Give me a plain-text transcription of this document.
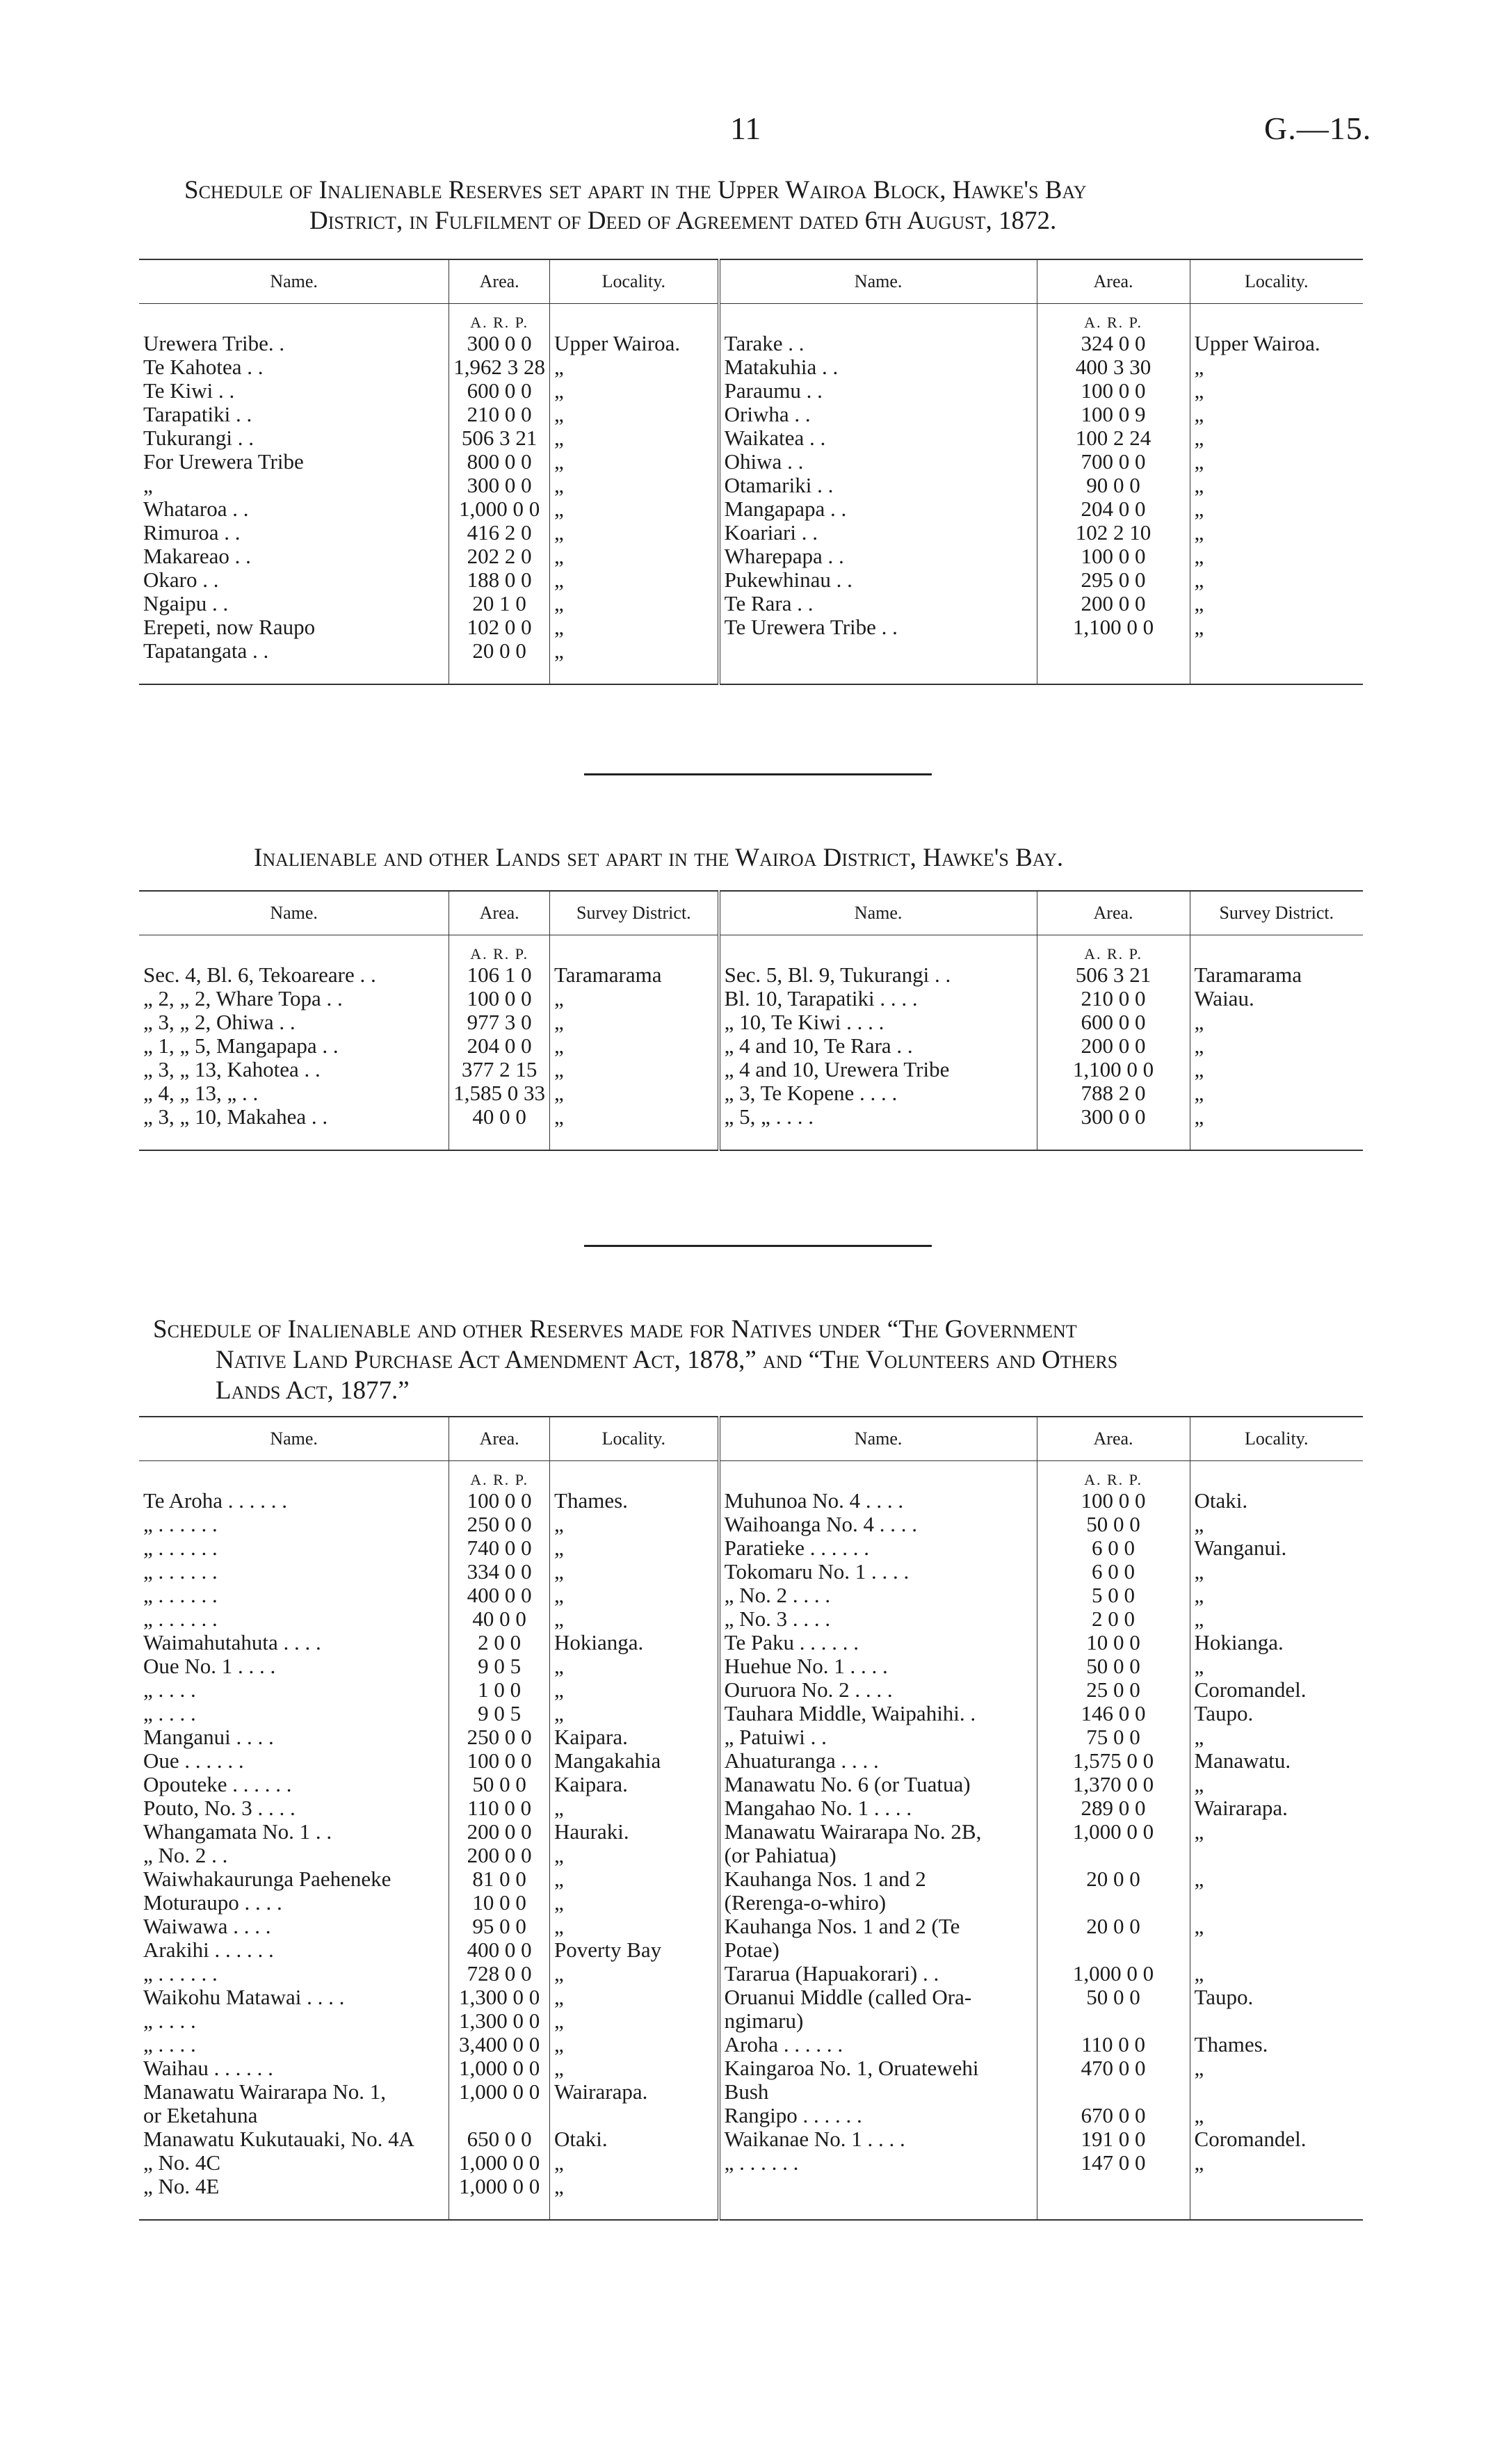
11	G.—15.
Schedule of Inalienable Reserves set apart in the Upper Wairoa Block, Hawke's Bay
District, in Fulfilment of Deed of Agreement dated 6th August, 1872.
Name.	Area.	Locality.	Name.	Area.	Locality.
	A. R. P.			A. R. P.	
Urewera Tribe. .	300 0 0	Upper Wairoa.	Tarake . .	324 0 0	Upper Wairoa.
Te Kahotea . .	1,962 3 28	„	Matakuhia . .	400 3 30	„
Te Kiwi . .	600 0 0	„	Paraumu . .	100 0 0	„
Tarapatiki . .	210 0 0	„	Oriwha . .	100 0 9	„
Tukurangi . .	506 3 21	„	Waikatea . .	100 2 24	„
For Urewera Tribe	800 0 0	„	Ohiwa . .	700 0 0	„
„	300 0 0	„	Otamariki . .	90 0 0	„
Whataroa . .	1,000 0 0	„	Mangapapa . .	204 0 0	„
Rimuroa . .	416 2 0	„	Koariari . .	102 2 10	„
Makareao . .	202 2 0	„	Wharepapa . .	100 0 0	„
Okaro . .	188 0 0	„	Pukewhinau . .	295 0 0	„
Ngaipu . .	20 1 0	„	Te Rara . .	200 0 0	„
Erepeti, now Raupo	102 0 0	„	Te Urewera Tribe . .	1,100 0 0	„
Tapatangata . .	20 0 0	„			

Inalienable and other Lands set apart in the Wairoa District, Hawke's Bay.
Name.	Area.	Survey District.	Name.	Area.	Survey District.
	A. R. P.			A. R. P.	
Sec. 4, Bl. 6, Tekoareare . .	106 1 0	Taramarama	Sec. 5, Bl. 9, Tukurangi . .	506 3 21	Taramarama
„ 2, „ 2, Whare Topa . .	100 0 0	„	Bl. 10, Tarapatiki . . . .	210 0 0	Waiau.
„ 3, „ 2, Ohiwa . .	977 3 0	„	„ 10, Te Kiwi . . . .	600 0 0	„
„ 1, „ 5, Mangapapa . .	204 0 0	„	„ 4 and 10, Te Rara . .	200 0 0	„
„ 3, „ 13, Kahotea . .	377 2 15	„	„ 4 and 10, Urewera Tribe	1,100 0 0	„
„ 4, „ 13, „ . .	1,585 0 33	„	„ 3, Te Kopene . . . .	788 2 0	„
„ 3, „ 10, Makahea . .	40 0 0	„	„ 5, „ . . . .	300 0 0	„

Schedule of Inalienable and other Reserves made for Natives under “The Government
Native Land Purchase Act Amendment Act, 1878,” and “The Volunteers and Others
Lands Act, 1877.”
Name.	Area.	Locality.	Name.	Area.	Locality.
	A. R. P.			A. R. P.	
Te Aroha . . . . . .	100 0 0	Thames.	Muhunoa No. 4 . . . .	100 0 0	Otaki.
„ . . . . . .	250 0 0	„	Waihoanga No. 4 . . . .	50 0 0	„
„ . . . . . .	740 0 0	„	Paratieke . . . . . .	6 0 0	Wanganui.
„ . . . . . .	334 0 0	„	Tokomaru No. 1 . . . .	6 0 0	„
„ . . . . . .	400 0 0	„	„ No. 2 . . . .	5 0 0	„
„ . . . . . .	40 0 0	„	„ No. 3 . . . .	2 0 0	„
Waimahutahuta . . . .	2 0 0	Hokianga.	Te Paku . . . . . .	10 0 0	Hokianga.
Oue No. 1 . . . .	9 0 5	„	Huehue No. 1 . . . .	50 0 0	„
„ . . . .	1 0 0	„	Ouruora No. 2 . . . .	25 0 0	Coromandel.
„ . . . .	9 0 5	„	Tauhara Middle, Waipahihi. .	146 0 0	Taupo.
Manganui . . . .	250 0 0	Kaipara.	„ Patuiwi . .	75 0 0	„
Oue . . . . . .	100 0 0	Mangakahia	Ahuaturanga . . . .	1,575 0 0	Manawatu.
Opouteke . . . . . .	50 0 0	Kaipara.	Manawatu No. 6 (or Tuatua)	1,370 0 0	„
Pouto, No. 3 . . . .	110 0 0	„	Mangahao No. 1 . . . .	289 0 0	Wairarapa.
Whangamata No. 1 . .	200 0 0	Hauraki.	Manawatu Wairarapa No. 2B,	1,000 0 0	„
„ No. 2 . .	200 0 0	„	(or Pahiatua)		
Waiwhakaurunga Paeheneke	81 0 0	„	Kauhanga Nos. 1 and 2	20 0 0	„
Moturaupo . . . .	10 0 0	„	(Rerenga-o-whiro)		
Waiwawa . . . .	95 0 0	„	Kauhanga Nos. 1 and 2 (Te	20 0 0	„
Arakihi . . . . . .	400 0 0	Poverty Bay	Potae)		
„ . . . . . .	728 0 0	„	Tararua (Hapuakorari) . .	1,000 0 0	„
Waikohu Matawai . . . .	1,300 0 0	„	Oruanui Middle (called Ora-	50 0 0	Taupo.
„ . . . .	1,300 0 0	„	ngimaru)		
„ . . . .	3,400 0 0	„	Aroha . . . . . .	110 0 0	Thames.
Waihau . . . . . .	1,000 0 0	„	Kaingaroa No. 1, Oruatewehi	470 0 0	„
Manawatu Wairarapa No. 1,	1,000 0 0	Wairarapa.	Bush		
or Eketahuna			Rangipo . . . . . .	670 0 0	„
Manawatu Kukutauaki, No. 4A	650 0 0	Otaki.	Waikanae No. 1 . . . .	191 0 0	Coromandel.
„ No. 4C	1,000 0 0	„	„ . . . . . .	147 0 0	„
„ No. 4E	1,000 0 0	„			
